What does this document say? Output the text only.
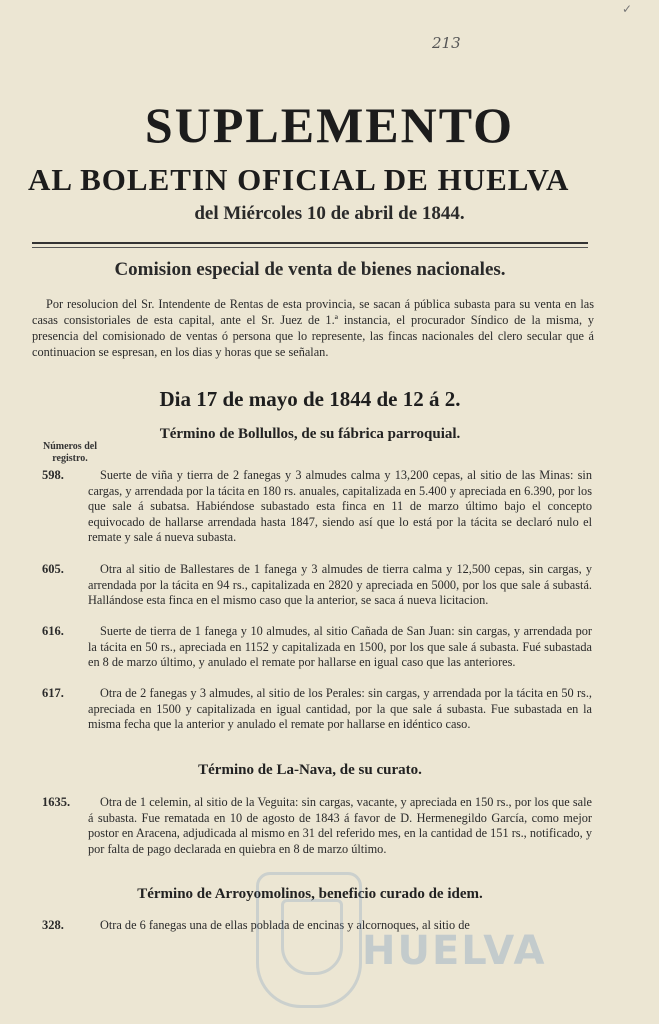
✓
213
SUPLEMENTO
AL BOLETIN OFICIAL DE HUELVA
del Miércoles 10 de abril de 1844.
Comision especial de venta de bienes nacionales.
Por resolucion del Sr. Intendente de Rentas de esta provincia, se sacan á pública subasta para su venta en las casas consistoriales de esta capital, ante el Sr. Juez de 1.ª instancia, el procurador Síndico de la misma, y presencia del comisionado de ventas ó persona que lo represente, las fincas nacionales del clero secular que á continuacion se espresan, en los dias y horas que se señalan.
Dia 17 de mayo de 1844 de 12 á 2.
Término de Bollullos, de su fábrica parroquial.
Números del registro.
598.	Suerte de viña y tierra de 2 fanegas y 3 almudes calma y 13,200 cepas, al sitio de las Minas: sin cargas, y arrendada por la tácita en 180 rs. anuales, capitalizada en 5.400 y apreciada en 6.390, por los que sale á subatsa. Habiéndose subastado esta finca en 11 de marzo último bajo el concepto equivocado de hallarse arrendada hasta 1847, siendo así que lo está por la tácita se declaró nulo el remate y sale á nueva subasta.
605.	Otra al sitio de Ballestares de 1 fanega y 3 almudes de tierra calma y 12,500 cepas, sin cargas, y arrendada por la tácita en 94 rs., capitalizada en 2820 y apreciada en 5000, por los que sale á subastá. Hallándose esta finca en el mismo caso que la anterior, se saca á nueva licitacion.
616.	Suerte de tierra de 1 fanega y 10 almudes, al sitio Cañada de San Juan: sin cargas, y arrendada por la tácita en 50 rs., apreciada en 1152 y capitalizada en 1500, por los que sale á subasta. Fué subastada en 8 de marzo último, y anulado el remate por hallarse en igual caso que las anteriores.
617.	Otra de 2 fanegas y 3 almudes, al sitio de los Perales: sin cargas, y arrendada por la tácita en 50 rs., apreciada en 1500 y capitalizada en igual cantidad, por la que sale á subasta. Fue subastada en la misma fecha que la anterior y anulado el remate por hallarse en idéntico caso.
Término de La-Nava, de su curato.
1635.	Otra de 1 celemin, al sitio de la Veguita: sin cargas, vacante, y apreciada en 150 rs., por los que sale á subasta. Fue rematada en 10 de agosto de 1843 á favor de D. Hermenegildo García, como mejor postor en Aracena, adjudicada al mismo en 31 del referido mes, en la cantidad de 151 rs., notificado, y por falta de pago declarada en quiebra en 8 de marzo último.
Término de Arroyomolinos, beneficio curado de idem.
328.	Otra de 6 fanegas una de ellas poblada de encinas y alcornoques, al sitio de
HUELVA
